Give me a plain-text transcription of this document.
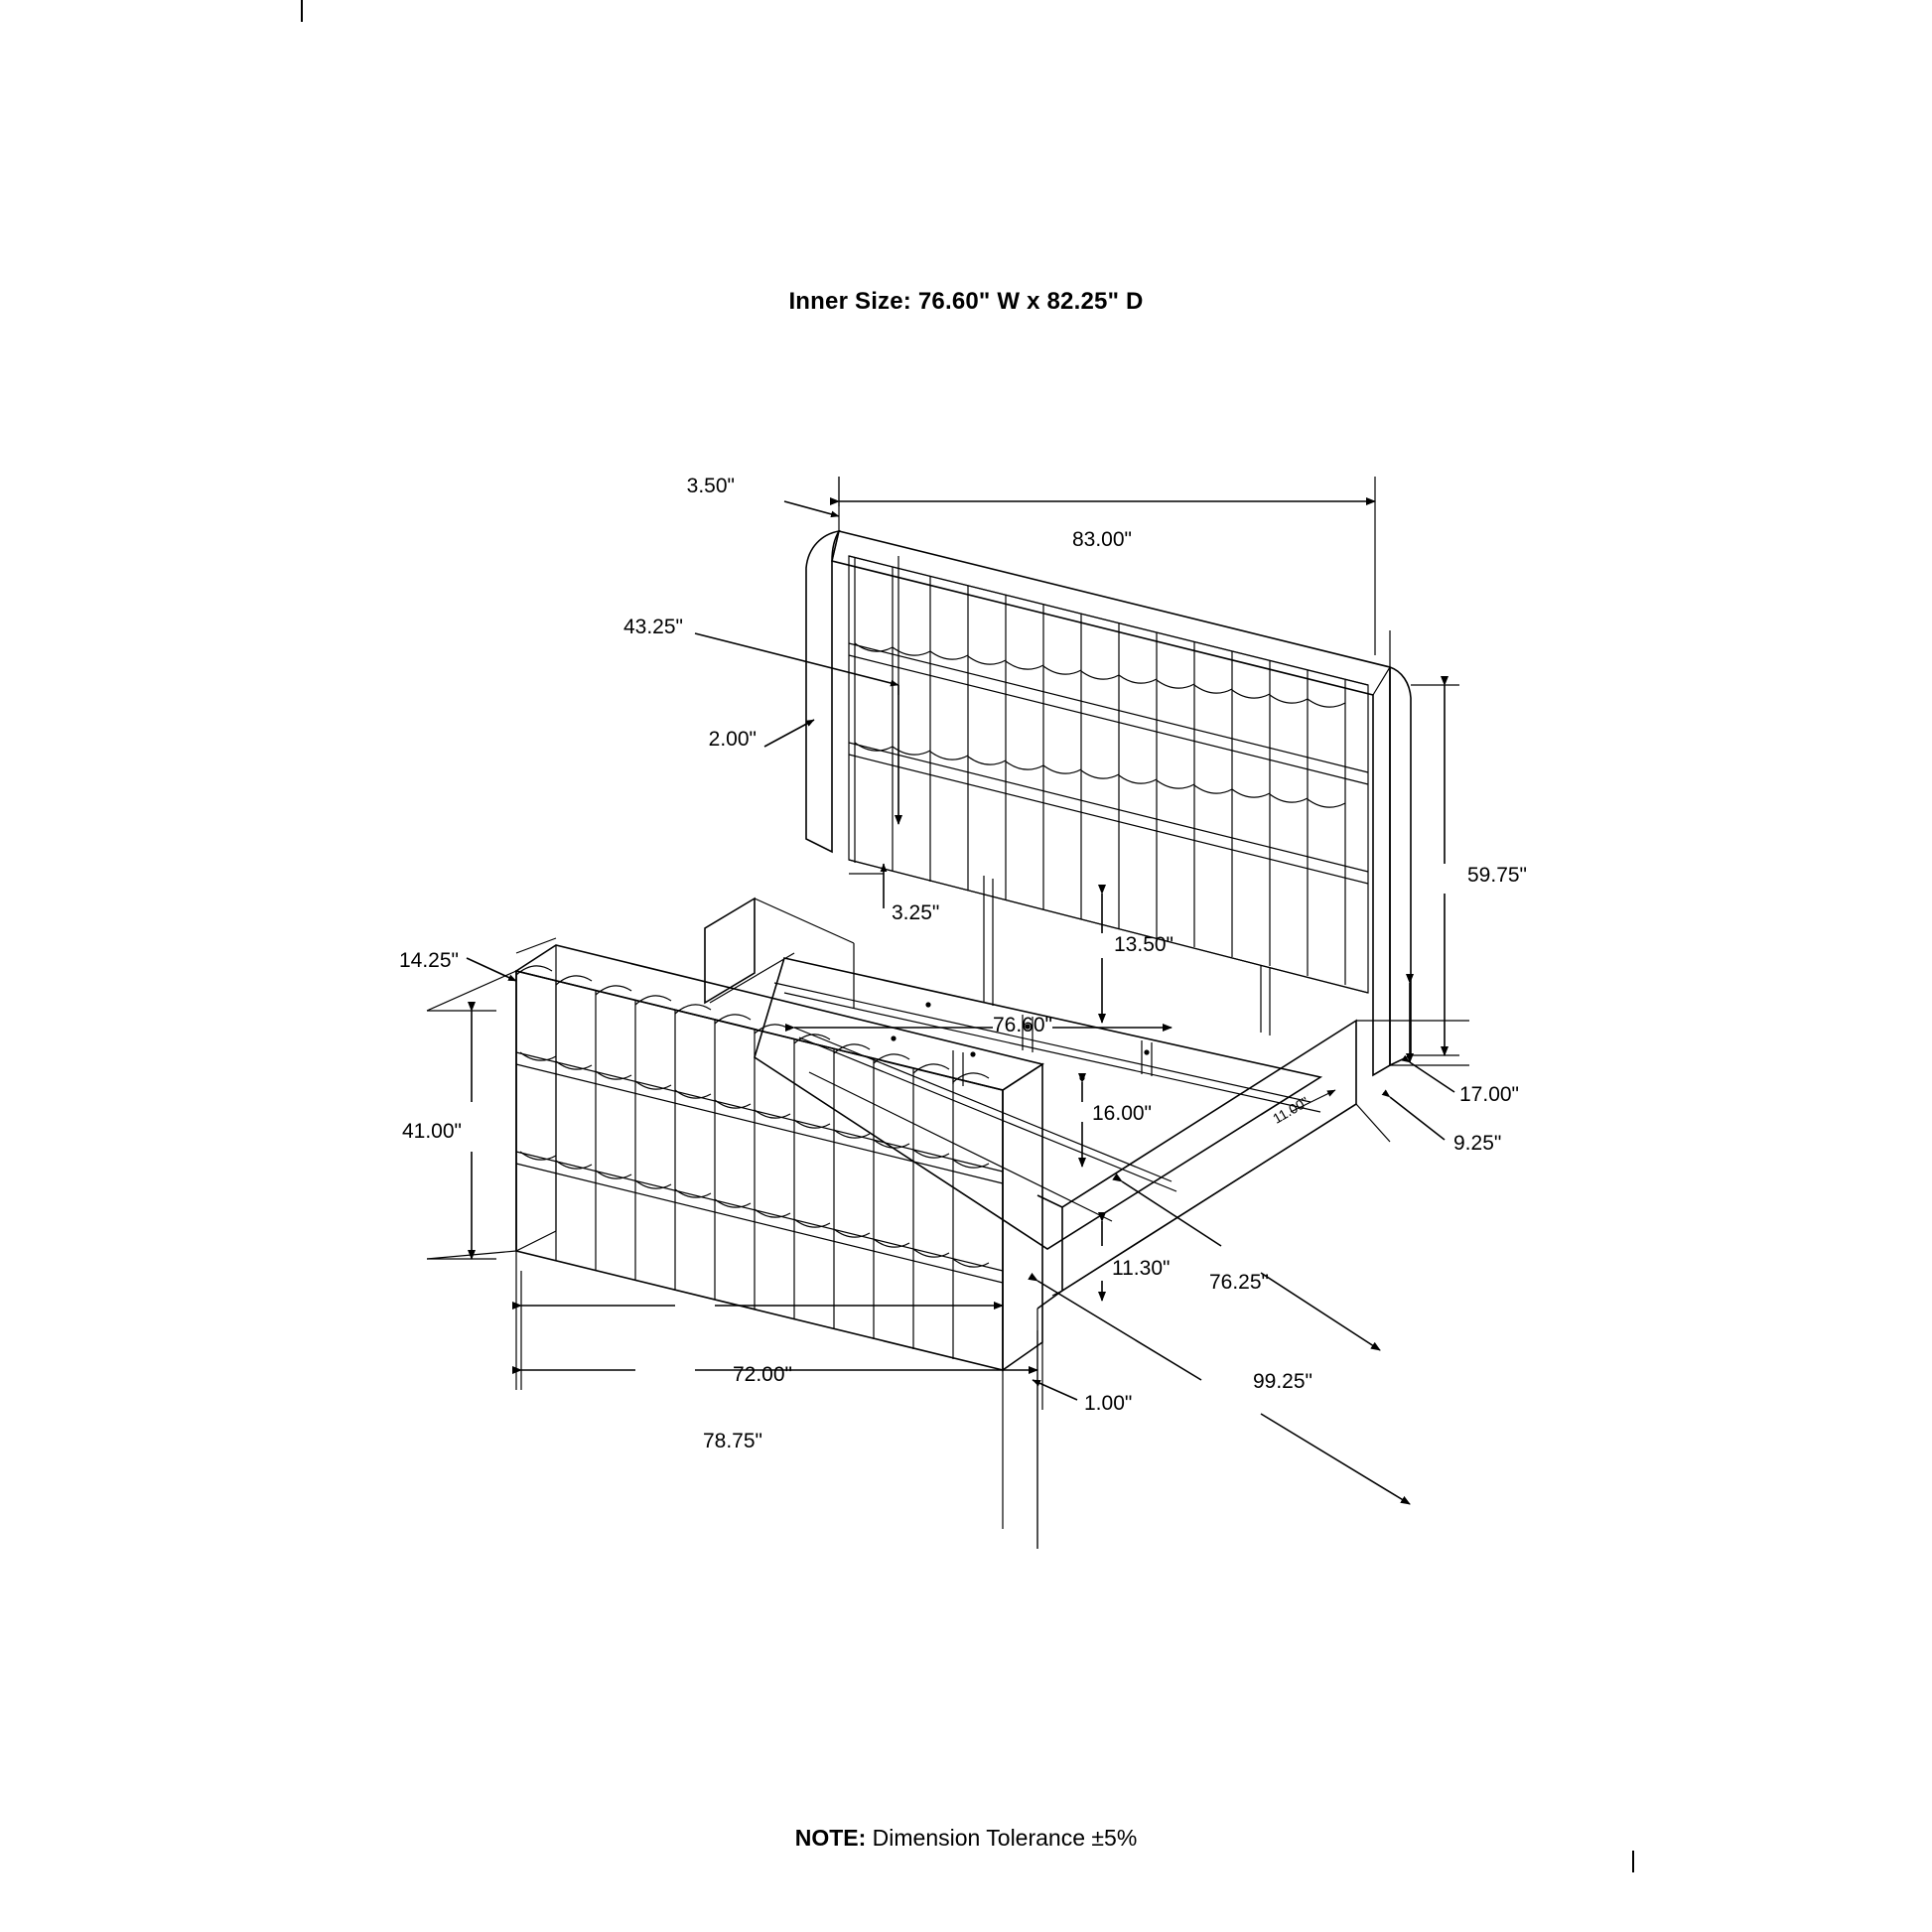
Inner Size: 76.60" W x 82.25" D
3.50"
83.00"
43.25"
2.00"
59.75"
3.25"
13.50"
14.25"
76.60"
17.00"
11.00"
16.00"
9.25"
41.00"
11.30"
76.25"
99.25"
72.00"
1.00"
78.75"
NOTE: Dimension Tolerance ±5%
